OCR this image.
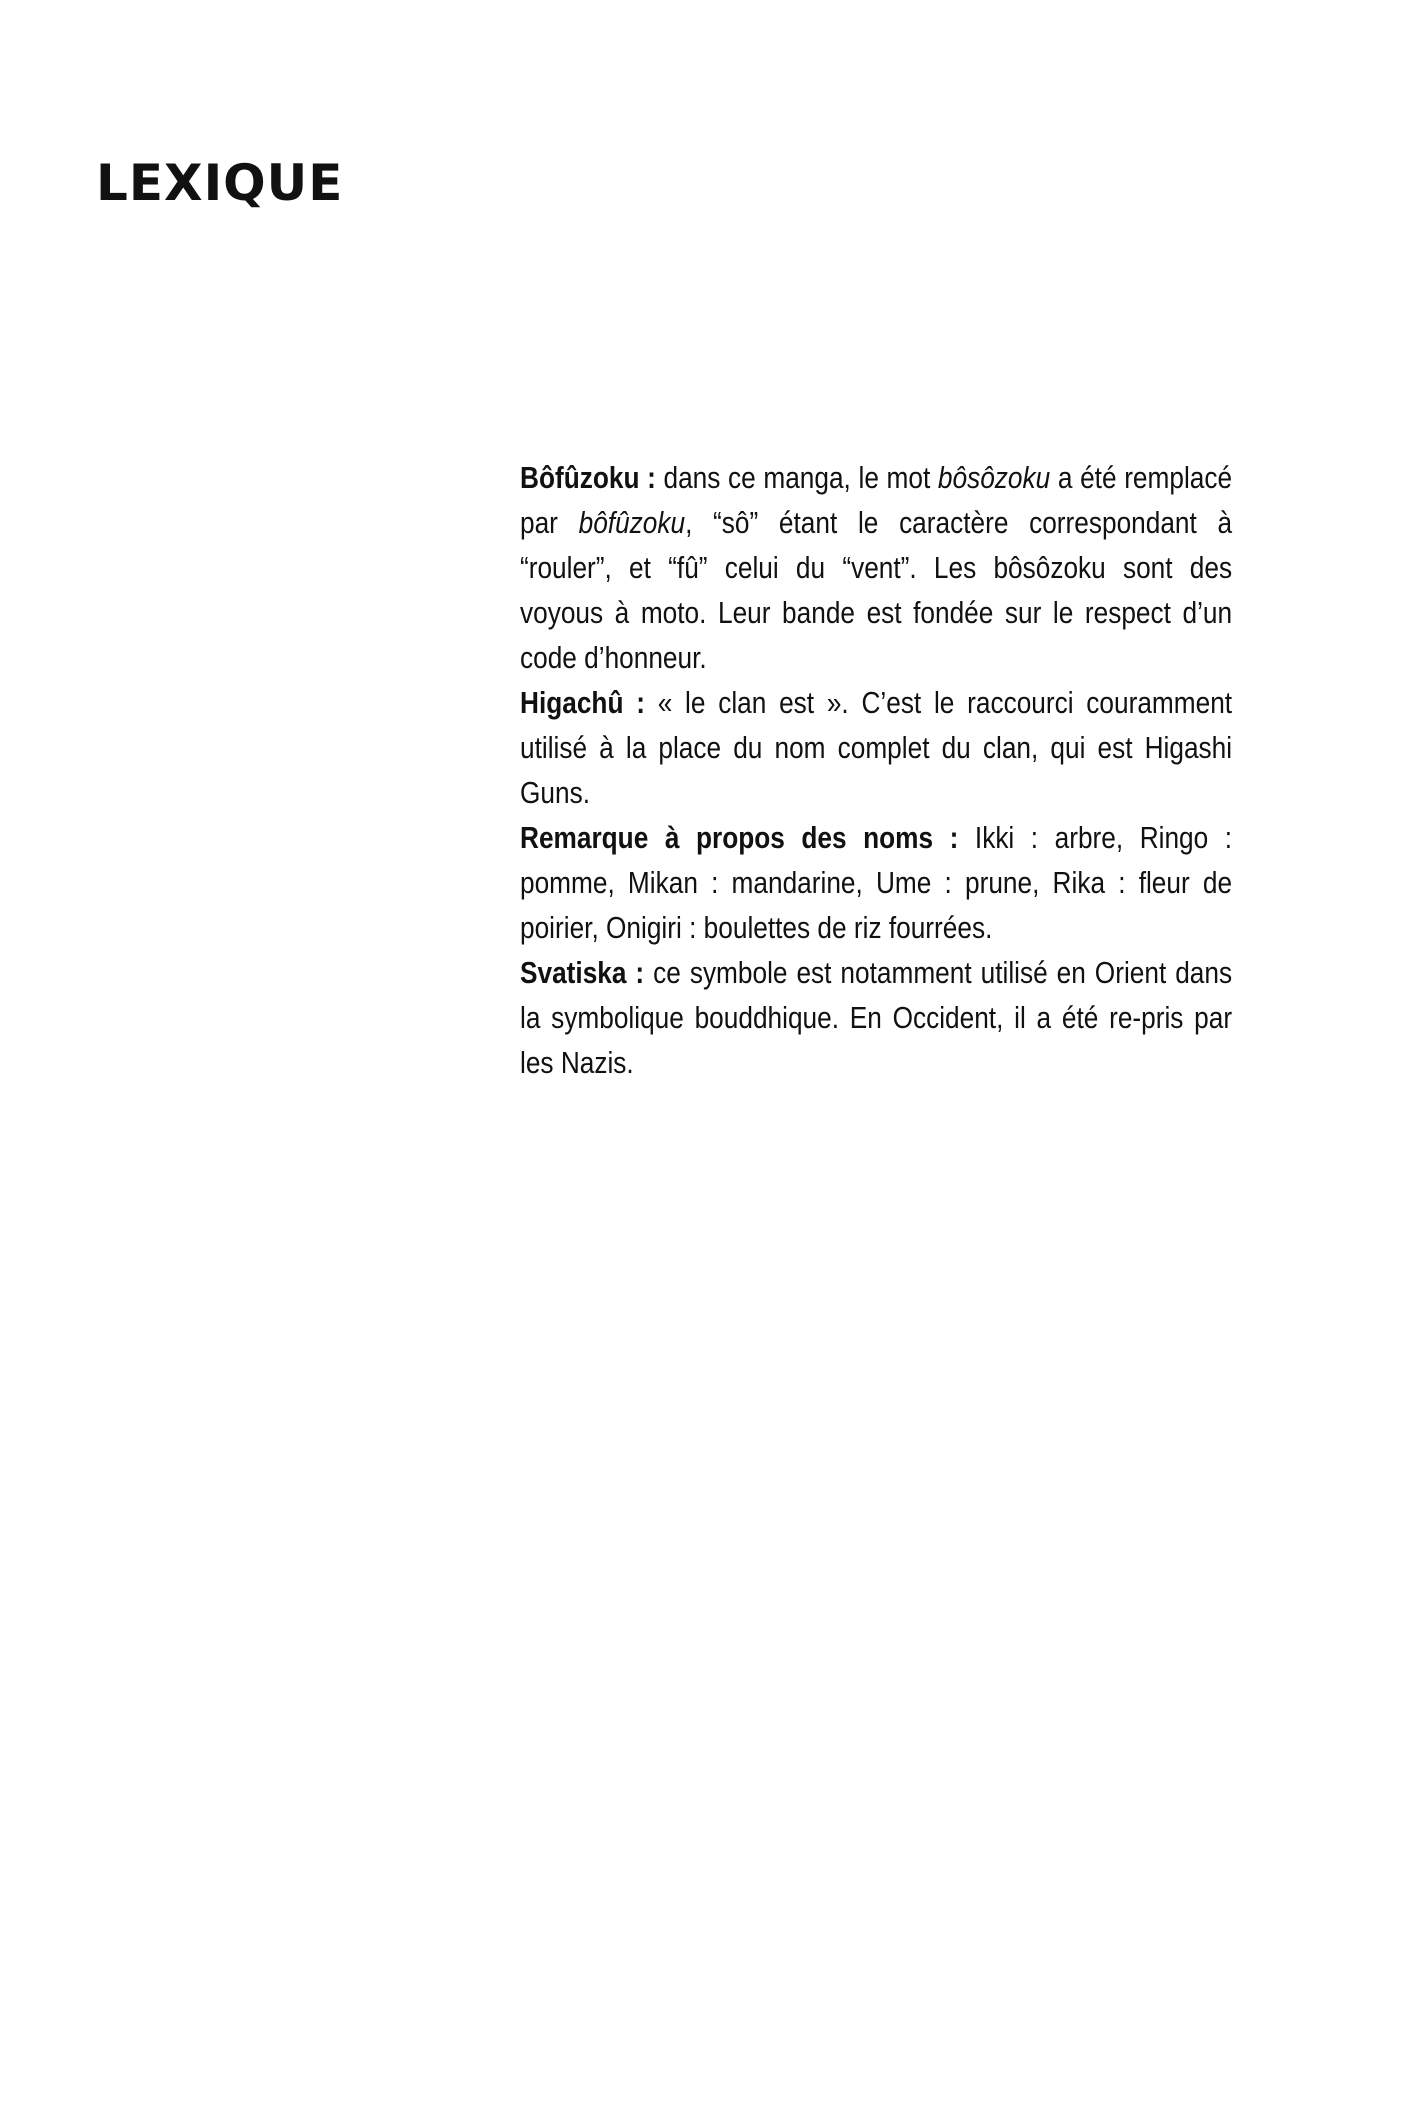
LEXIQUE

Bôfûzoku : dans ce manga, le mot bôsôzoku a été remplacé par bôfûzoku, “sô” étant le caractère correspondant à “rouler”, et “fû” celui du “vent”. Les bôsôzoku sont des voyous à moto. Leur bande est fondée sur le respect d’un code d’honneur.

Higachû : « le clan est ». C’est le raccourci couramment utilisé à la place du nom complet du clan, qui est Higashi Guns.

Remarque à propos des noms : Ikki : arbre, Ringo : pomme, Mikan : mandarine, Ume : prune, Rika : fleur de poirier, Onigiri : boulettes de riz fourrées.

Svatiska : ce symbole est notamment utilisé en Orient dans la symbolique bouddhique. En Occident, il a été re-pris par les Nazis.
